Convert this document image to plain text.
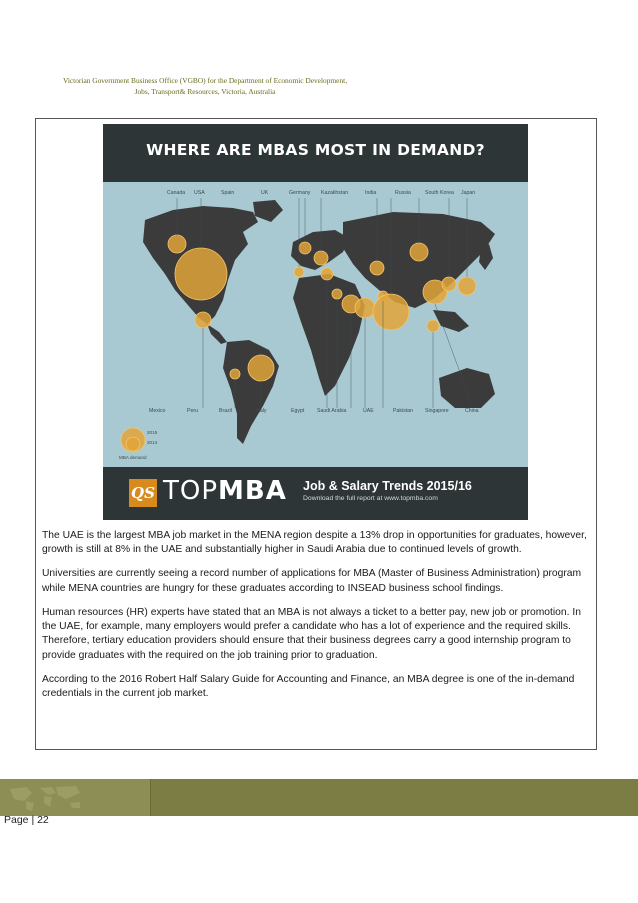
Victorian Government Business Office (VGBO) for the Department of Economic Development,
Jobs, Transport& Resources, Victoria, Australia
WHERE ARE MBAS MOST IN DEMAND?
Canada USA	Spain	UK	Germany Kazakhstan	India	Russia	South Korea Japan
Mexico	Peru	Brazil	Italy	Egypt Saudi Arabia	UAE	Pakistan Singapore	China
2015
2014
MBA demand
QS TOPMBA Job & Salary Trends 2015/16
Download the full report at www.topmba.com

The UAE is the largest MBA job market in the MENA region despite a 13% drop in opportunities for graduates, however, growth is still at 8% in the UAE and substantially higher in Saudi Arabia due to continued levels of growth.

Universities are currently seeing a record number of applications for MBA (Master of Business Administration) program while MENA countries are hungry for these graduates according to INSEAD business school findings.

Human resources (HR) experts have stated that an MBA is not always a ticket to a better pay, new job or promotion. In the UAE, for example, many employers would prefer a candidate who has a lot of experience and the required skills. Therefore, tertiary education providers should ensure that their business degrees carry a good internship program to provide graduates with the required on the job training prior to graduation.

According to the 2016 Robert Half Salary Guide for Accounting and Finance, an MBA degree is one of the in-demand credentials in the current job market.

Page | 22
